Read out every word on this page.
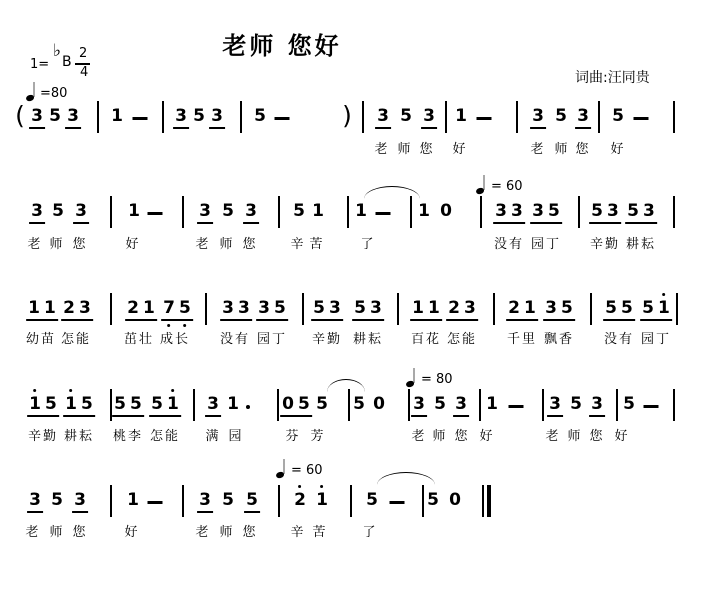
老师 您好
词曲:汪同贵
1=
♭
B
2
4
=80
( 3 5 3 1	3 5 3 5	) 3 5 3 1	3 5 3 5
老 师 您 好	老 师 您 好
3 5 3 1	3 5 3 5 1 1	1 0	3 3 3 5 5 3 5 3
老 师 您	好	老 师 您	辛 苦	了	没有 园丁 辛勤 耕耘
= 60
1 1 2 3 2 1 7 5 3 3 3 5 5 3 5 3 1 1 2 3 2 1 3 5 5 5 5 1
幼苗 怎能	茁壮 成长 没有 园丁 辛勤 耕耘 百花 怎能 千里 飘香 没有 园丁
1 5 1 5 5 5 5 1 3 1	0 5 5 5 0 3 5 3 1	3 5 3 5
辛勤 耕耘 桃李 怎能 满 园	芬 芳	老 师 您 好	老 师 您 好
= 80
3 5 3 1	3 5 5 2 1 5	5 0
老 师 您	好	老 师 您	辛 苦	了
= 60
